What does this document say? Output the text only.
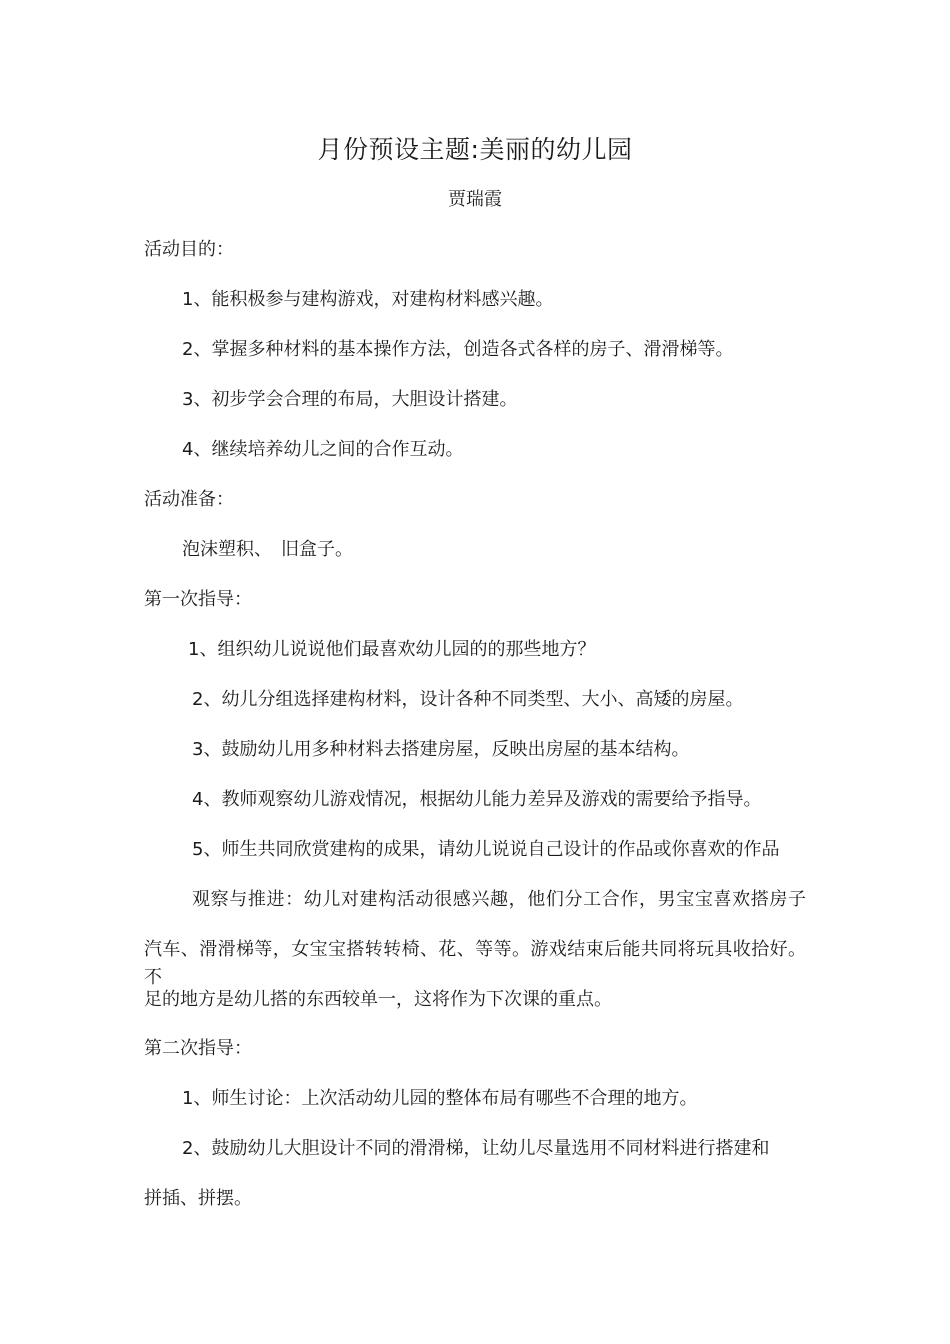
月份预设主题:美丽的幼儿园
贾瑞霞
活动目的：
1、能积极参与建构游戏，对建构材料感兴趣。
2、掌握多种材料的基本操作方法，创造各式各样的房子、滑滑梯等。
3、初步学会合理的布局，大胆设计搭建。
4、继续培养幼儿之间的合作互动。
活动准备：
泡沫塑积、　旧盒子。
第一次指导：
1、组织幼儿说说他们最喜欢幼儿园的的那些地方？
2、幼儿分组选择建构材料，设计各种不同类型、大小、高矮的房屋。
3、鼓励幼儿用多种材料去搭建房屋，反映出房屋的基本结构。
4、教师观察幼儿游戏情况，根据幼儿能力差异及游戏的需要给予指导。
5、师生共同欣赏建构的成果，请幼儿说说自己设计的作品或你喜欢的作品
观察与推进：幼儿对建构活动很感兴趣，他们分工合作，男宝宝喜欢搭房子
汽车、滑滑梯等，女宝宝搭转转椅、花、等等。游戏结束后能共同将玩具收拾好。不
足的地方是幼儿搭的东西较单一，这将作为下次课的重点。
第二次指导：
1、师生讨论：上次活动幼儿园的整体布局有哪些不合理的地方。
2、鼓励幼儿大胆设计不同的滑滑梯，让幼儿尽量选用不同材料进行搭建和
拼插、拼摆。
